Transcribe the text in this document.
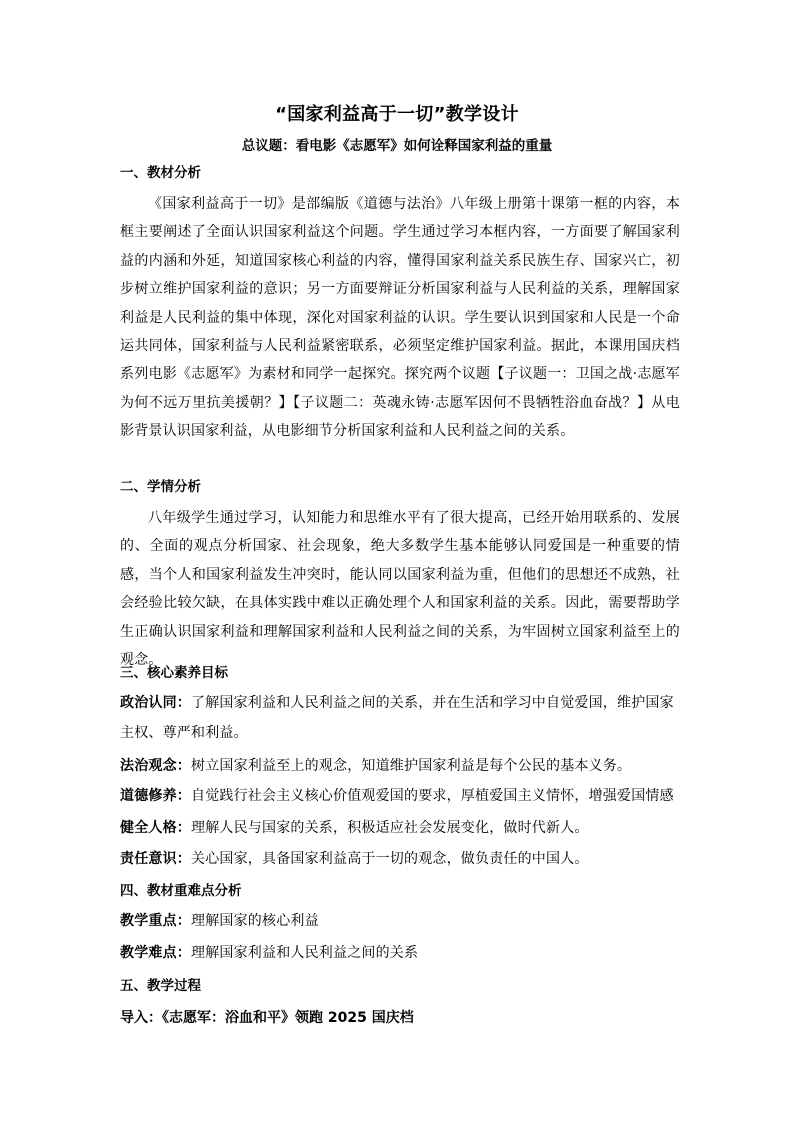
“国家利益高于一切”教学设计
总议题：看电影《志愿军》如何诠释国家利益的重量
一、教材分析
《国家利益高于一切》是部编版《道德与法治》八年级上册第十课第一框的内容，本框主要阐述了全面认识国家利益这个问题。学生通过学习本框内容，一方面要了解国家利益的内涵和外延，知道国家核心利益的内容，懂得国家利益关系民族生存、国家兴亡，初步树立维护国家利益的意识；另一方面要辩证分析国家利益与人民利益的关系，理解国家利益是人民利益的集中体现，深化对国家利益的认识。学生要认识到国家和人民是一个命运共同体，国家利益与人民利益紧密联系，必须坚定维护国家利益。据此，本课用国庆档系列电影《志愿军》为素材和同学一起探究。探究两个议题【子议题一：卫国之战·志愿军为何不远万里抗美援朝？】【子议题二：英魂永铸·志愿军因何不畏牺牲浴血奋战？】从电影背景认识国家利益，从电影细节分析国家利益和人民利益之间的关系。
二、学情分析
八年级学生通过学习，认知能力和思维水平有了很大提高，已经开始用联系的、发展的、全面的观点分析国家、社会现象，绝大多数学生基本能够认同爱国是一种重要的情感，当个人和国家利益发生冲突时，能认同以国家利益为重，但他们的思想还不成熟，社会经验比较欠缺，在具体实践中难以正确处理个人和国家利益的关系。因此，需要帮助学生正确认识国家利益和理解国家利益和人民利益之间的关系，为牢固树立国家利益至上的观念。
三、核心素养目标
政治认同：了解国家利益和人民利益之间的关系，并在生活和学习中自觉爱国，维护国家主权、尊严和利益。
法治观念：树立国家利益至上的观念，知道维护国家利益是每个公民的基本义务。
道德修养：自觉践行社会主义核心价值观爱国的要求，厚植爱国主义情怀，增强爱国情感
健全人格：理解人民与国家的关系，积极适应社会发展变化，做时代新人。
责任意识：关心国家，具备国家利益高于一切的观念，做负责任的中国人。
四、教材重难点分析
教学重点：理解国家的核心利益
教学难点：理解国家利益和人民利益之间的关系
五、教学过程
导入：《志愿军：浴血和平》领跑 2025 国庆档
